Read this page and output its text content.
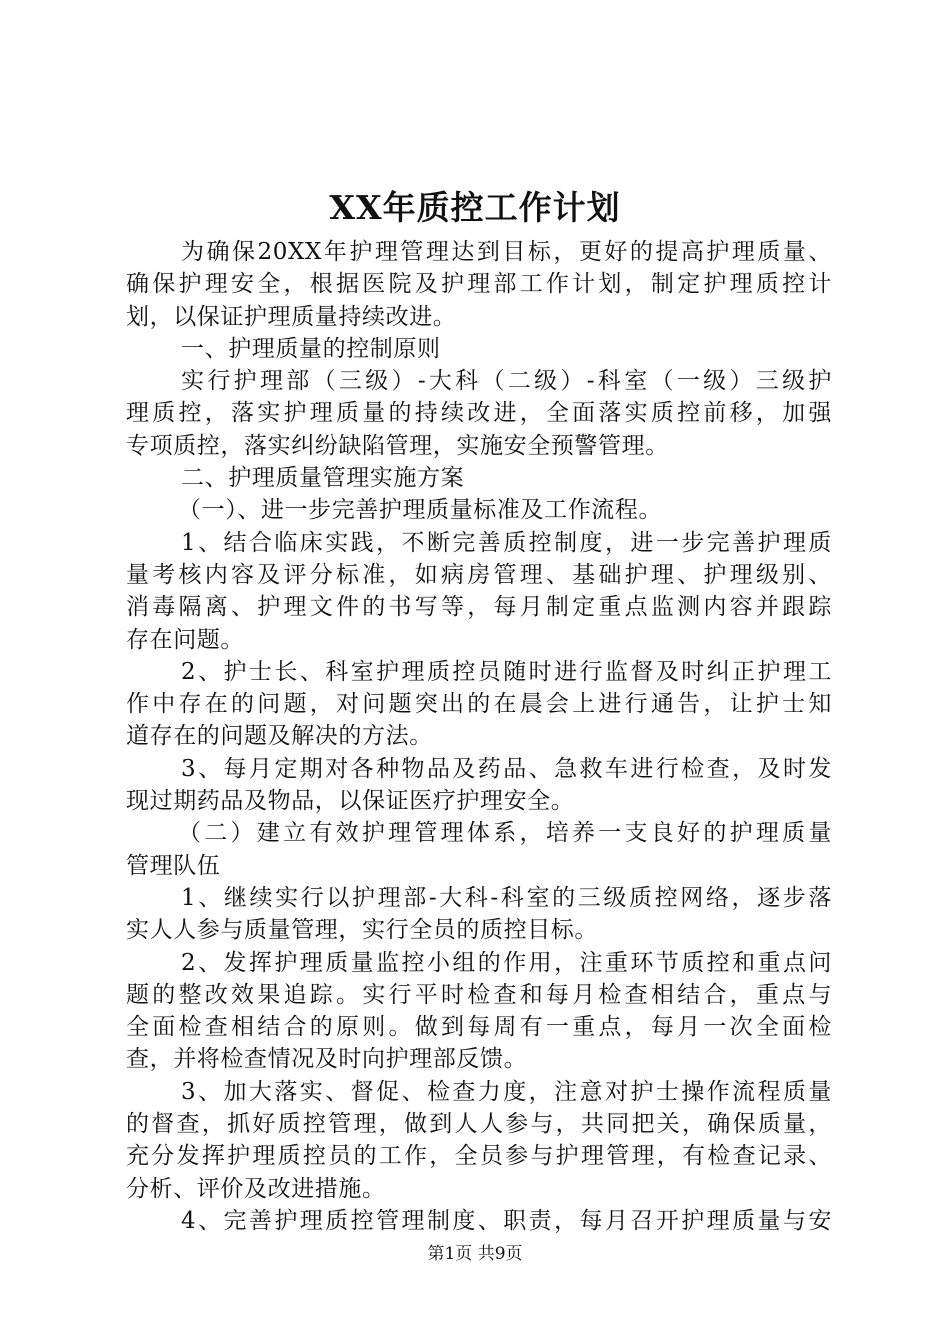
XX年质控工作计划
为确保20XX年护理管理达到目标，更好的提高护理质量、
确保护理安全，根据医院及护理部工作计划，制定护理质控计
划，以保证护理质量持续改进。
一、护理质量的控制原则
实行护理部（三级）-大科（二级）-科室（一级）三级护
理质控，落实护理质量的持续改进，全面落实质控前移，加强
专项质控，落实纠纷缺陷管理，实施安全预警管理。
二、护理质量管理实施方案
（一）、进一步完善护理质量标准及工作流程。
1、结合临床实践，不断完善质控制度，进一步完善护理质
量考核内容及评分标准，如病房管理、基础护理、护理级别、
消毒隔离、护理文件的书写等，每月制定重点监测内容并跟踪
存在问题。
2、护士长、科室护理质控员随时进行监督及时纠正护理工
作中存在的问题，对问题突出的在晨会上进行通告，让护士知
道存在的问题及解决的方法。
3、每月定期对各种物品及药品、急救车进行检查，及时发
现过期药品及物品，以保证医疗护理安全。
（二）建立有效护理管理体系，培养一支良好的护理质量
管理队伍
1、继续实行以护理部-大科-科室的三级质控网络，逐步落
实人人参与质量管理，实行全员的质控目标。
2、发挥护理质量监控小组的作用，注重环节质控和重点问
题的整改效果追踪。实行平时检查和每月检查相结合，重点与
全面检查相结合的原则。做到每周有一重点，每月一次全面检
查，并将检查情况及时向护理部反馈。
3、加大落实、督促、检查力度，注意对护士操作流程质量
的督查，抓好质控管理，做到人人参与，共同把关，确保质量，
充分发挥护理质控员的工作，全员参与护理管理，有检查记录、
分析、评价及改进措施。
4、完善护理质控管理制度、职责，每月召开护理质量与安
第1页 共9页
